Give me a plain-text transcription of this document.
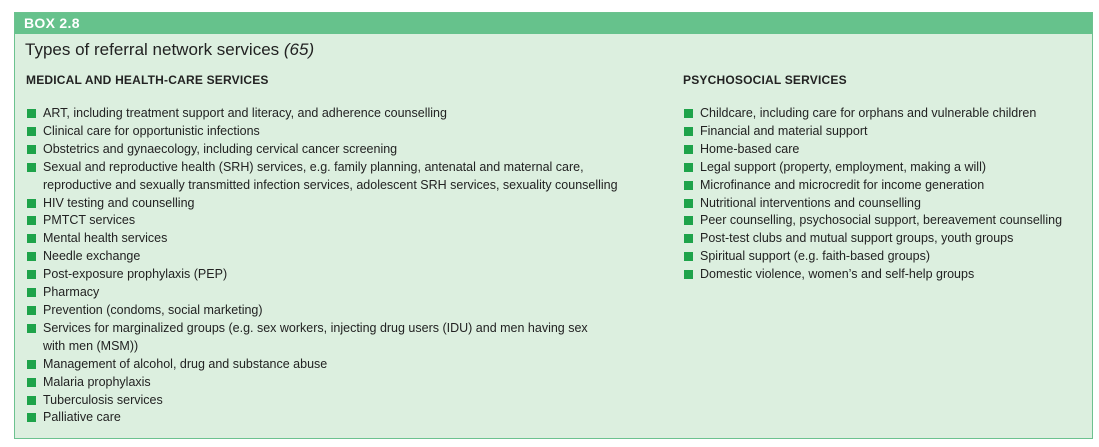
BOX 2.8
Types of referral network services (65)
MEDICAL AND HEALTH-CARE SERVICES
ART, including treatment support and literacy, and adherence counselling
Clinical care for opportunistic infections
Obstetrics and gynaecology, including cervical cancer screening
Sexual and reproductive health (SRH) services, e.g. family planning, antenatal and maternal care,
reproductive and sexually transmitted infection services, adolescent SRH services, sexuality counselling
HIV testing and counselling
PMTCT services
Mental health services
Needle exchange
Post-exposure prophylaxis (PEP)
Pharmacy
Prevention (condoms, social marketing)
Services for marginalized groups (e.g. sex workers, injecting drug users (IDU) and men having sex
with men (MSM))
Management of alcohol, drug and substance abuse
Malaria prophylaxis
Tuberculosis services
Palliative care
PSYCHOSOCIAL SERVICES
Childcare, including care for orphans and vulnerable children
Financial and material support
Home-based care
Legal support (property, employment, making a will)
Microfinance and microcredit for income generation
Nutritional interventions and counselling
Peer counselling, psychosocial support, bereavement counselling
Post-test clubs and mutual support groups, youth groups
Spiritual support (e.g. faith-based groups)
Domestic violence, women’s and self-help groups
